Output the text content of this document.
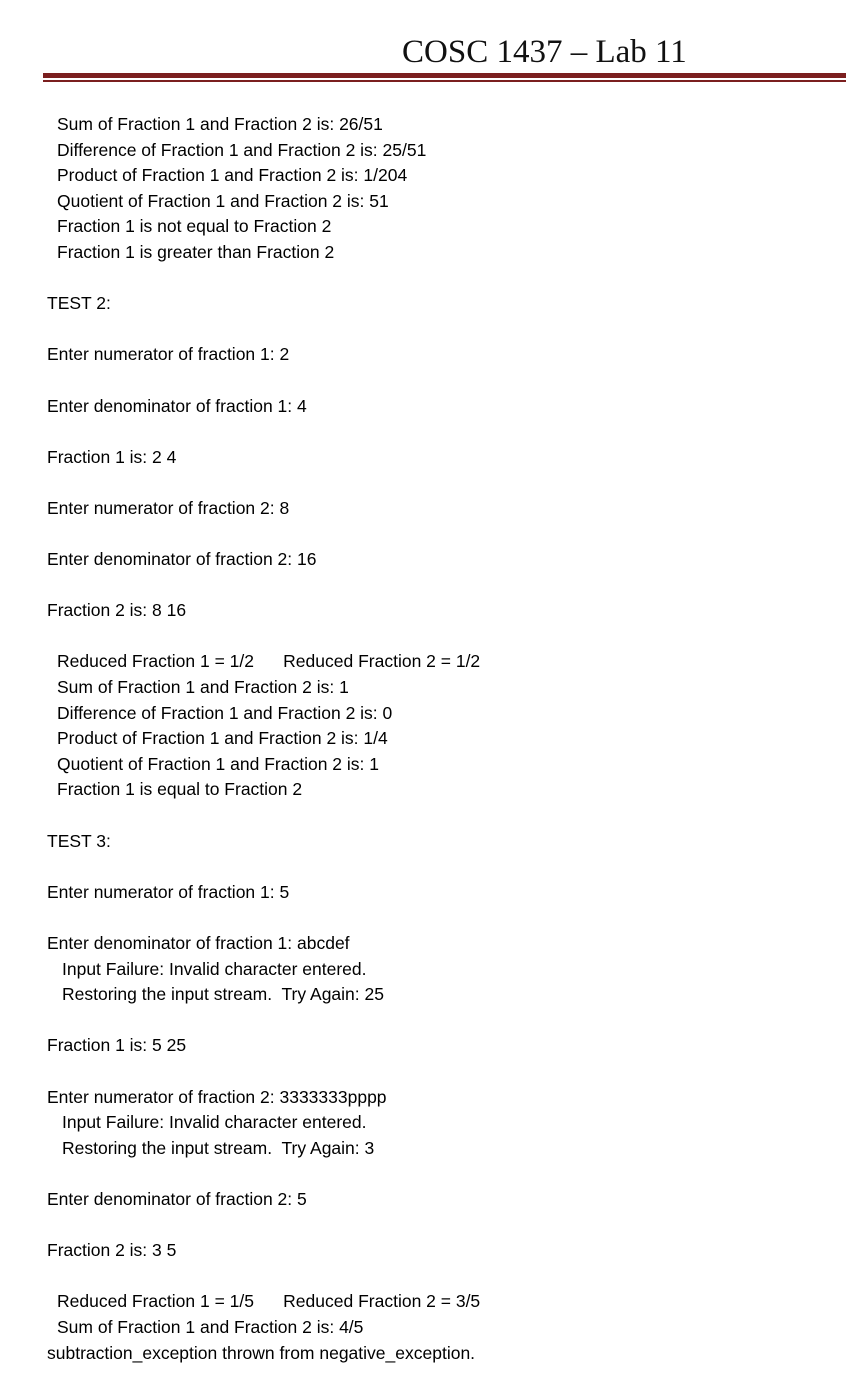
COSC 1437 – Lab 11
Sum of Fraction 1 and Fraction 2 is: 26/51
Difference of Fraction 1 and Fraction 2 is: 25/51
Product of Fraction 1 and Fraction 2 is: 1/204
Quotient of Fraction 1 and Fraction 2 is: 51
Fraction 1 is not equal to Fraction 2
Fraction 1 is greater than Fraction 2
TEST 2:
Enter numerator of fraction 1: 2
Enter denominator of fraction 1: 4
Fraction 1 is: 2 4
Enter numerator of fraction 2: 8
Enter denominator of fraction 2: 16
Fraction 2 is: 8 16
Reduced Fraction 1 = 1/2      Reduced Fraction 2 = 1/2
Sum of Fraction 1 and Fraction 2 is: 1
Difference of Fraction 1 and Fraction 2 is: 0
Product of Fraction 1 and Fraction 2 is: 1/4
Quotient of Fraction 1 and Fraction 2 is: 1
Fraction 1 is equal to Fraction 2
TEST 3:
Enter numerator of fraction 1: 5
Enter denominator of fraction 1: abcdef
Input Failure: Invalid character entered.
Restoring the input stream.  Try Again: 25
Fraction 1 is: 5 25
Enter numerator of fraction 2: 3333333pppp
Input Failure: Invalid character entered.
Restoring the input stream.  Try Again: 3
Enter denominator of fraction 2: 5
Fraction 2 is: 3 5
Reduced Fraction 1 = 1/5      Reduced Fraction 2 = 3/5
Sum of Fraction 1 and Fraction 2 is: 4/5
subtraction_exception thrown from negative_exception.
